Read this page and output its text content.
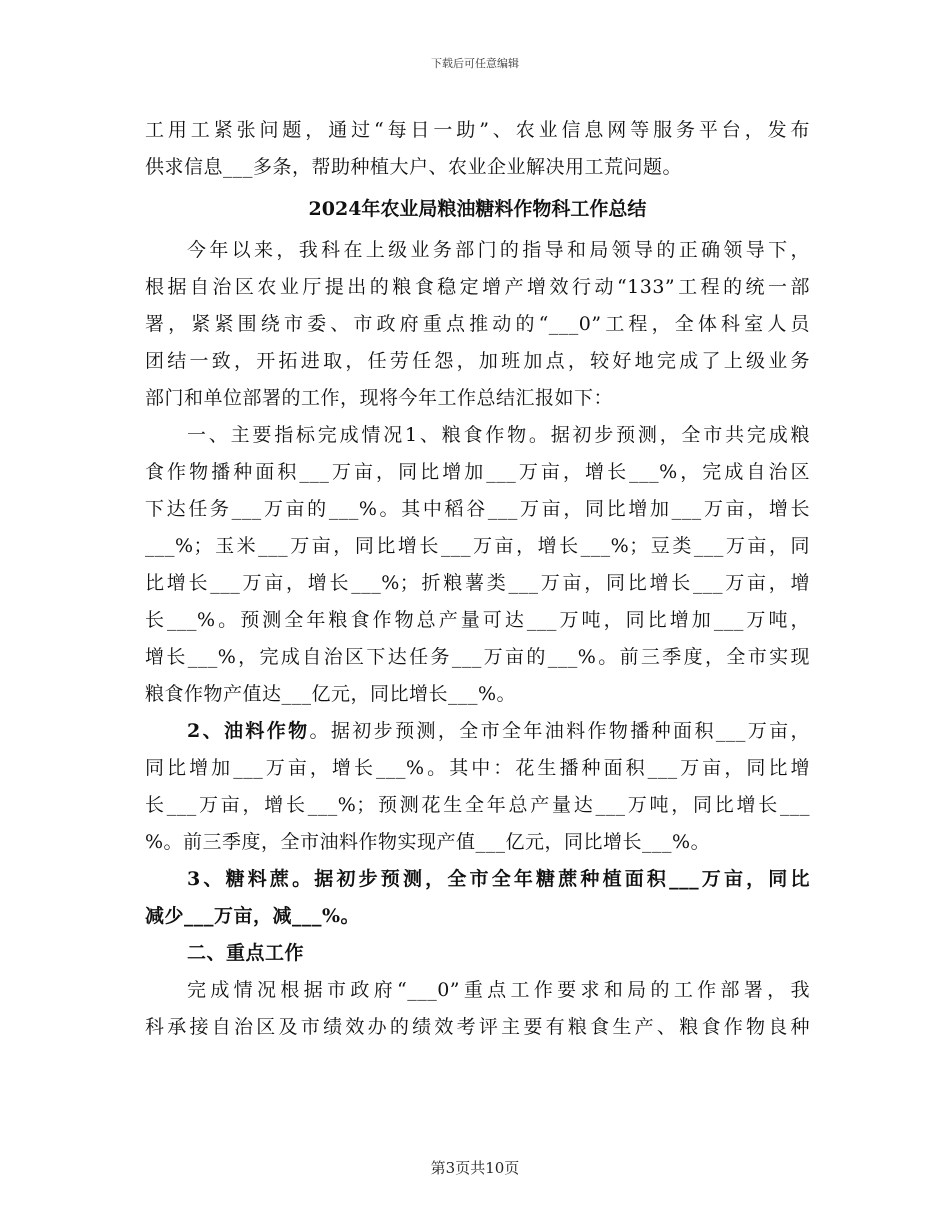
下载后可任意编辑
工用工紧张问题，通过“每日一助”、农业信息网等服务平台，发布
供求信息___多条，帮助种植大户、农业企业解决用工荒问题。
2024年农业局粮油糖料作物科工作总结
今年以来，我科在上级业务部门的指导和局领导的正确领导下，
根据自治区农业厅提出的粮食稳定增产增效行动“133”工程的统一部
署，紧紧围绕市委、市政府重点推动的“___0”工程，全体科室人员
团结一致，开拓进取，任劳任怨，加班加点，较好地完成了上级业务
部门和单位部署的工作，现将今年工作总结汇报如下：
一、主要指标完成情况1、粮食作物。据初步预测，全市共完成粮
食作物播种面积___万亩，同比增加___万亩，增长___%，完成自治区
下达任务___万亩的___%。其中稻谷___万亩，同比增加___万亩，增长
___%；玉米___万亩，同比增长___万亩，增长___%；豆类___万亩，同
比增长___万亩，增长___%；折粮薯类___万亩，同比增长___万亩，增
长___%。预测全年粮食作物总产量可达___万吨，同比增加___万吨，
增长___%，完成自治区下达任务___万亩的___%。前三季度，全市实现
粮食作物产值达___亿元，同比增长___%。
2、油料作物。据初步预测，全市全年油料作物播种面积___万亩，
同比增加___万亩，增长___%。其中：花生播种面积___万亩，同比增
长___万亩，增长___%；预测花生全年总产量达___万吨，同比增长___
%。前三季度，全市油料作物实现产值___亿元，同比增长___%。
3、糖料蔗。据初步预测，全市全年糖蔗种植面积___万亩，同比
减少___万亩，减___%。
二、重点工作
完成情况根据市政府“___0”重点工作要求和局的工作部署，我
科承接自治区及市绩效办的绩效考评主要有粮食生产、粮食作物良种
第3页共10页
